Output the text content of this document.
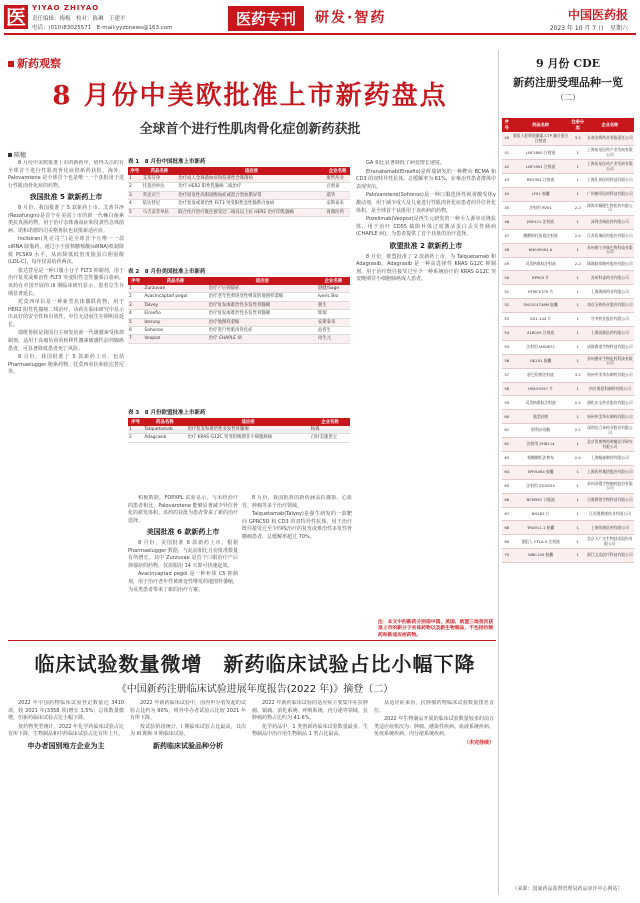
医 YIYAO ZHIYAO
责任编辑：梅梅　校对：陈琳　王建平
电话：(010)83025571　E-mail:yyzbnews@163.com	医药专刊	研发·智药	中国医药报
2023 年 10 月 7 日　星期六
新药观察
8 月份中美欧批准上市新药盘点
全球首个进行性肌肉骨化症创新药获批
陈穗

8 月份中美欧批准上市的新药中，值得关注的有全球首个进行性肌肉骨化症创新药获批。海外，Palovarotene 是全球首个也是唯一一个获批用于进行性肌肉骨化症的药物。

我国批准 5 款新药上市

8 月份，我国批准了 5 款新药上市。艾蒂芬净(Rezafungin)是首个在美国上市的新一代棘白菌素类抗真菌药物，用于治疗念珠菌血症和侵袭性念珠菌病。诺和诺德的司美格鲁肽也获批新适应症。

Inclisiran(英克司兰)是全球首个且唯一一款 siRNA 降脂药，通过小干扰核糖核酸(siRNA)机制降低 PCSK9 水平，从而降低低密度脂蛋白胆固醇(LDL-C)，每年仅需给药两次。

依达替尼是一种口服小分子 FLT3 抑制剂，用于治疗复发或难治性 FLT3 突变阳性急性髓系白血病。该药在中国开展的 III 期临床研究显示，患者总生存期显著延长。

托莫西单抗是一种新型抗体偶联药物，用于 HER2 阳性乳腺癌二线治疗。该药在临床研究中显示出良好的安全性和有效性，中位无进展生存期明显延长。

瑞维鲁胺是我国自主研发的新一代雄激素受体抑制剂，适用于高瘤负荷的转移性激素敏感性前列腺癌患者，可显著降低患者死亡风险。

8 月份，我国批准了 5 款新药上市，包括 Pharmaelugger 胞素药物、托莫西单抗和依达替尼等。

表 1　8 月份中国批准上市新药
序号	药品名称	适应症	企业名称
1	艾蒂芬净	治疗成人念珠菌血症和侵袭性念珠菌病	康哲药业
2	托莫西单抗	治疗 HER2 阳性乳腺癌二线治疗	百奥泰
3	英克司兰	治疗原发性高胆固醇血症或混合型血脂异常	诺华
4	依达替尼	治疗复发或难治性 FLT3 突变阳性急性髓系白血病	安斯泰来
5	马吉妥昔单抗	联合化疗治疗既往接受过二线及以上抗 HER2 治疗的乳腺癌	再鼎医药
表 2　8 月份美国批准上市新药
序号	药品名称	适应症	企业名称
1	Zurzuvae	治疗产后抑郁症	渤健/Sage
2	Avacincaptad pegol	治疗老年性黄斑变性继发的地图样萎缩	Iveric Bio
3	Talvey	治疗复发或难治性多发性骨髓瘤	强生
4	Elrexfio	治疗复发或难治性多发性骨髓瘤	辉瑞
5	Izervay	治疗地图样萎缩	安斯泰来
6	Sohonos	治疗进行性肌肉骨化症	益普生
7	Veopoz	治疗 CHAPLE 病	再生元
表 3　8 月份欧盟批准上市新药
序号	药品名称	适应症	企业名称
1	Talquetamab	治疗复发和难治性多发性骨髓瘤	杨森
2	Adagrasib	治疗 KRAS G12C 突变的晚期非小细胞肺癌	百时美施贵宝

积极数据，FOPXPL 试验显示，与未经治疗的患者相比，Palovarotene 能够显著减少异位骨化的新发体积。该药的获批为患者带来了新的治疗选择。

美国批准 6 款新药上市

8 月份，美国批准 6 款新药上市。根据 Pharmaelugger 数据，与此前相比月份批准数量有所增长。其中 Zurzuvae 是首个口服治疗产后抑郁症的药物，仅需服用 14 天即可快速起效。

Avacincaptad pegol 是一种补体 C5 抑制剂，用于治疗老年性黄斑变性继发的地图样萎缩，为该类患者带来了新的治疗方案。

8 月份，我国批准的新药涵盖抗感染、心血管、肿瘤等多个治疗领域。

Talquetamab(Talvey)是强生研发的一款靶向 GPRC5D 和 CD3 的双特异性抗体，用于治疗既往接受过至少四线治疗的复发或难治性多发性骨髓瘤患者，总缓解率超过 70%。

GA 相比显著降低了病变增长速度。

Elranatamab(Elrexfio)是辉瑞研发的一种靶向 BCMA 和 CD3 的双特异性抗体，总缓解率为 61%，在难治性患者群体中表现突出。

Palovarotene(Sohonos)是一种口服选择性视黄酸受体γ激动剂，用于减少成人及儿童进行性肌肉骨化症患者的异位骨化体积，是全球首个获批用于该疾病的药物。

Pozelimab(Veopoz)是再生元研发的一种全人源单克隆抗体，用于治疗 CD55 缺陷补体过度激活蛋白丢失性肠病(CHAPLE 病)，为患者提供了首个获批的治疗选择。

欧盟批准 2 款新药上市

8 月份，欧盟批准了 2 款新药上市，为 Talquetamab 和 Adagrasib。Adagrasib 是一种高选择性 KRAS G12C 抑制剂，用于治疗既往接受过至少一种系统治疗的 KRAS G12C 突变晚期非小细胞肺癌成人患者。

注：本文中的新药分别指中国、美国、欧盟三地首次获准上市的新分子实体药物以及新生物制品，不包括仿制药和新适应症药物。
9 月份 CDE
新药注册受理品种一览
（二）
序号	药品名称	注册分类	企业名称
40	重组人促卵泡激素-CTP 融合蛋白注射液	3.2	长春金赛药业有限责任公司
41	LNF1600 注射液	1	上海复星医药产业发展有限公司
42	LNF1901 注射液	1	上海复星医药产业发展有限公司
43	REV301 注射液	1	上海礼邦医药科技有限公司
44	LF01 胶囊	1	广州楷印医药科技有限公司
45	注射用 RV01	2.2	珠海市藏健生物医药有限公司
46	JM0121 注射液	1	深圳杰瑞医药有限公司
47	醋酸阿托西班注射液	2.4	江苏恒瑞医药股份有限公司
48	KN045004 A	1	苏州康宁杰瑞生物科技有限公司
49	司美格鲁肽注射液	2.2	珠海联邦制药股份有限公司
50	RP903 片	1	苏州科睿药业有限公司
51	HTMC0370 片	1	上海海创药业有限公司
52	SHC014748M 胶囊	1	南京圣和药业股份有限公司
53	GS1-144 片	1	甘李药业股份有限公司
54	ZLB029 注射液	1	上海再鼎医药有限公司
55	注射用 IAS0872	1	成都赛诺生物科技有限公司
56	GK201 胶囊	1	苏州德亚生物医药科技有限公司
57	舒巴坦钠注射液	3.2	杭州中美华东制药有限公司
58	HSK39297 片	1	四川海思科制药有限公司
59	司美格鲁肽注射液	2.2	通化东宝药业股份有限公司
60	奥美拉唑	1	杭州中美华东制药有限公司
61	阿利沙坦酯	2.2	深圳信立泰药业股份有限公司
62	注射用 ZHB114	1	北京智康博药肿瘤医学研究有限公司
63	枸橼酸托法替布	2.4	上海翰森制药有限公司
64	SPH5464 胶囊	1	上海医药集团股份有限公司
65	注射用 ZGGS34	1	苏州泽璟生物制药股份有限公司
66	BCM987 口服液	1	百奥赛图生物科技有限公司
67	NH183 片	1	江苏奥赛康药业有限公司
68	TRA911-1 胶囊	1	上海恒瑞医药有限公司
69	重组人 CTLA-4 注射液	1	北京天广实生物技术股份有限公司
70	WBC100 胶囊	1	浙江文达医疗科技有限公司
（来源：国家药品监督管理局药品审评中心网站）
临床试验数量微增　新药临床试验占比小幅下降
《中国新药注册临床试验进展年度报告(2022 年)》摘登（二）

2022 年中国药物临床试验登记数量达 3410 项，较 2021 年(3358 项)增长 1.5%；总体数量微增，但新药临床试验占比小幅下降。

按药物类型统计，2022 年化学药临床试验占比有所下降，生物制品和中药临床试验占比有所上升。

申办者国别地方企业为主

2022 年新药临床试验中，国内申办者发起的试验占比约为 90%，境外申办者试验占比较 2021 年有所下降。

按试验阶段统计，I 期临床试验占比最高，其次为 III 期和 II 期临床试验。

新药临床试验品种分析

2022 年新药临床试验的适应症主要集中在抗肿瘤、镇痛、消化系统、呼吸系统、内分泌等领域，抗肿瘤药物占比约为 41.6%。

化学药品中，1 类创新药临床试验数量最多，生物制品中治疗用生物制品 1 类占比最高。

从适应症来看，抗肿瘤药物临床试验数量排名首位。

2022 年生物制品开展的临床试验数量较多的前五类适应症依次为：肿瘤、感染性疾病、血液系统疾病、免疫系统疾病、内分泌系统疾病。

（未完待续）
